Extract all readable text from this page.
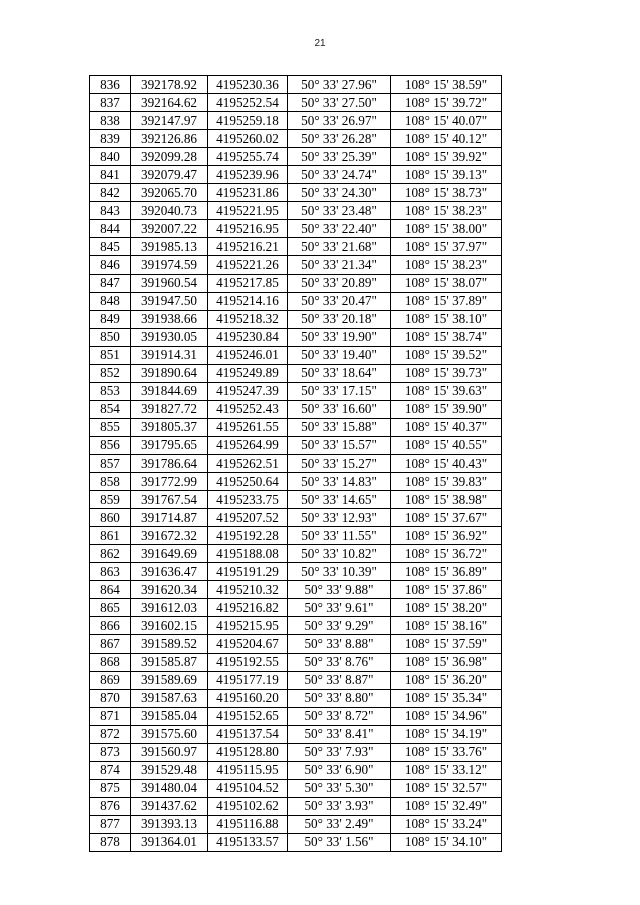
21
836	392178.92	4195230.36	50° 33' 27.96"	108° 15' 38.59"
837	392164.62	4195252.54	50° 33' 27.50"	108° 15' 39.72"
838	392147.97	4195259.18	50° 33' 26.97"	108° 15' 40.07"
839	392126.86	4195260.02	50° 33' 26.28"	108° 15' 40.12"
840	392099.28	4195255.74	50° 33' 25.39"	108° 15' 39.92"
841	392079.47	4195239.96	50° 33' 24.74"	108° 15' 39.13"
842	392065.70	4195231.86	50° 33' 24.30"	108° 15' 38.73"
843	392040.73	4195221.95	50° 33' 23.48"	108° 15' 38.23"
844	392007.22	4195216.95	50° 33' 22.40"	108° 15' 38.00"
845	391985.13	4195216.21	50° 33' 21.68"	108° 15' 37.97"
846	391974.59	4195221.26	50° 33' 21.34"	108° 15' 38.23"
847	391960.54	4195217.85	50° 33' 20.89"	108° 15' 38.07"
848	391947.50	4195214.16	50° 33' 20.47"	108° 15' 37.89"
849	391938.66	4195218.32	50° 33' 20.18"	108° 15' 38.10"
850	391930.05	4195230.84	50° 33' 19.90"	108° 15' 38.74"
851	391914.31	4195246.01	50° 33' 19.40"	108° 15' 39.52"
852	391890.64	4195249.89	50° 33' 18.64"	108° 15' 39.73"
853	391844.69	4195247.39	50° 33' 17.15"	108° 15' 39.63"
854	391827.72	4195252.43	50° 33' 16.60"	108° 15' 39.90"
855	391805.37	4195261.55	50° 33' 15.88"	108° 15' 40.37"
856	391795.65	4195264.99	50° 33' 15.57"	108° 15' 40.55"
857	391786.64	4195262.51	50° 33' 15.27"	108° 15' 40.43"
858	391772.99	4195250.64	50° 33' 14.83"	108° 15' 39.83"
859	391767.54	4195233.75	50° 33' 14.65"	108° 15' 38.98"
860	391714.87	4195207.52	50° 33' 12.93"	108° 15' 37.67"
861	391672.32	4195192.28	50° 33' 11.55"	108° 15' 36.92"
862	391649.69	4195188.08	50° 33' 10.82"	108° 15' 36.72"
863	391636.47	4195191.29	50° 33' 10.39"	108° 15' 36.89"
864	391620.34	4195210.32	50° 33' 9.88"	108° 15' 37.86"
865	391612.03	4195216.82	50° 33' 9.61"	108° 15' 38.20"
866	391602.15	4195215.95	50° 33' 9.29"	108° 15' 38.16"
867	391589.52	4195204.67	50° 33' 8.88"	108° 15' 37.59"
868	391585.87	4195192.55	50° 33' 8.76"	108° 15' 36.98"
869	391589.69	4195177.19	50° 33' 8.87"	108° 15' 36.20"
870	391587.63	4195160.20	50° 33' 8.80"	108° 15' 35.34"
871	391585.04	4195152.65	50° 33' 8.72"	108° 15' 34.96"
872	391575.60	4195137.54	50° 33' 8.41"	108° 15' 34.19"
873	391560.97	4195128.80	50° 33' 7.93"	108° 15' 33.76"
874	391529.48	4195115.95	50° 33' 6.90"	108° 15' 33.12"
875	391480.04	4195104.52	50° 33' 5.30"	108° 15' 32.57"
876	391437.62	4195102.62	50° 33' 3.93"	108° 15' 32.49"
877	391393.13	4195116.88	50° 33' 2.49"	108° 15' 33.24"
878	391364.01	4195133.57	50° 33' 1.56"	108° 15' 34.10"
